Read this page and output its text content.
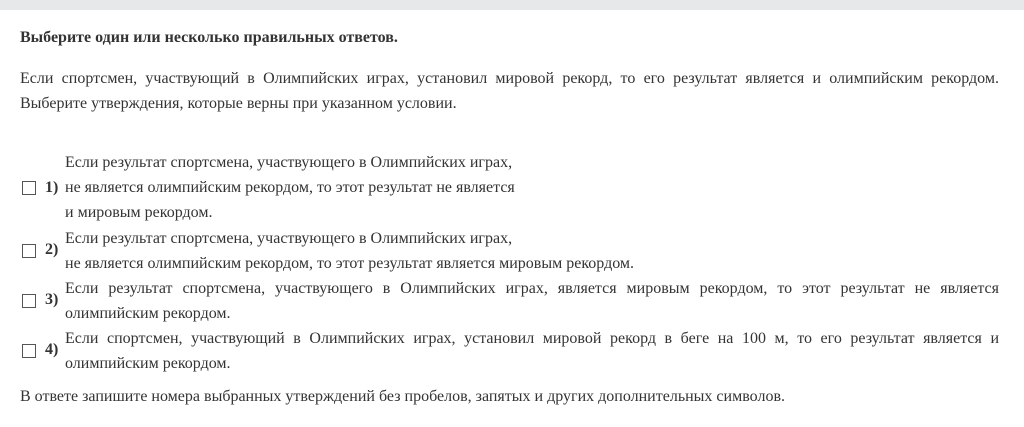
Выберите один или несколько правильных ответов.
Если спортсмен, участвующий в Олимпийских играх, установил мировой рекорд, то его результат является и олимпийским рекордом. Выберите утверждения, которые верны при указанном условии.
1)
Если результат спортсмена, участвующего в Олимпийских играх,
не является олимпийским рекордом, то этот результат не является
и мировым рекордом.
2)
Если результат спортсмена, участвующего в Олимпийских играх,
не является олимпийским рекордом, то этот результат является мировым рекордом.
3)
Если результат спортсмена, участвующего в Олимпийских играх, является мировым рекордом, то этот результат не является олимпийским рекордом.
4)
Если спортсмен, участвующий в Олимпийских играх, установил мировой рекорд в беге на 100 м, то его результат является и олимпийским рекордом.
В ответе запишите номера выбранных утверждений без пробелов, запятых и других дополнительных символов.
